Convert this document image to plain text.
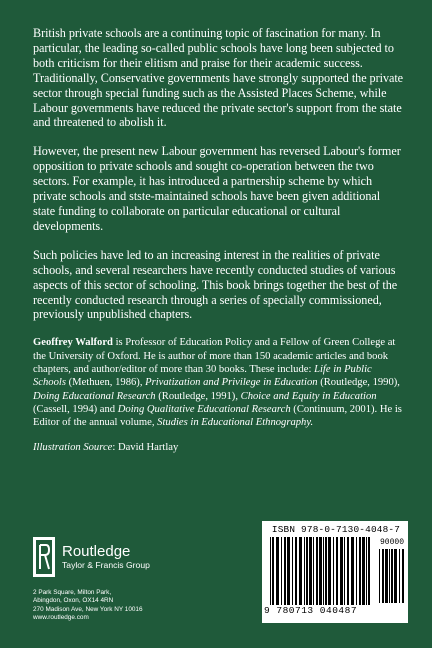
British private schools are a continuing topic of fascination for many. In particular, the leading so-called public schools have long been subjected to both criticism for their elitism and praise for their academic success. Traditionally, Conservative governments have strongly supported the private sector through special funding such as the Assisted Places Scheme, while Labour governments have reduced the private sector's support from the state and threatened to abolish it.

However, the present new Labour government has reversed Labour's former opposition to private schools and sought co-operation between the two sectors. For example, it has introduced a partnership scheme by which private schools and stste-maintained schools have been given additional state funding to collaborate on particular educational or cultural developments.

Such policies have led to an increasing interest in the realities of private schools, and several researchers have recently conducted studies of various aspects of this sector of schooling. This book brings together the best of the recently conducted research through a series of specially commissioned, previously unpublished chapters.

Geoffrey Walford is Professor of Education Policy and a Fellow of Green College at the University of Oxford. He is author of more than 150 academic articles and book chapters, and author/editor of more than 30 books. These include: Life in Public Schools (Methuen, 1986), Privatization and Privilege in Education (Routledge, 1990), Doing Educational Research (Routledge, 1991), Choice and Equity in Education (Cassell, 1994) and Doing Qualitative Educational Research (Continuum, 2001). He is Editor of the annual volume, Studies in Educational Ethnography.

Illustration Source: David Hartlay

Routledge
Taylor & Francis Group
2 Park Square, Milton Park,
Abingdon, Oxon, OX14 4RN
270 Madison Ave, New York NY 10016
www.routledge.com
ISBN 978-0-7130-4048-7
90000
9 780713 040487
